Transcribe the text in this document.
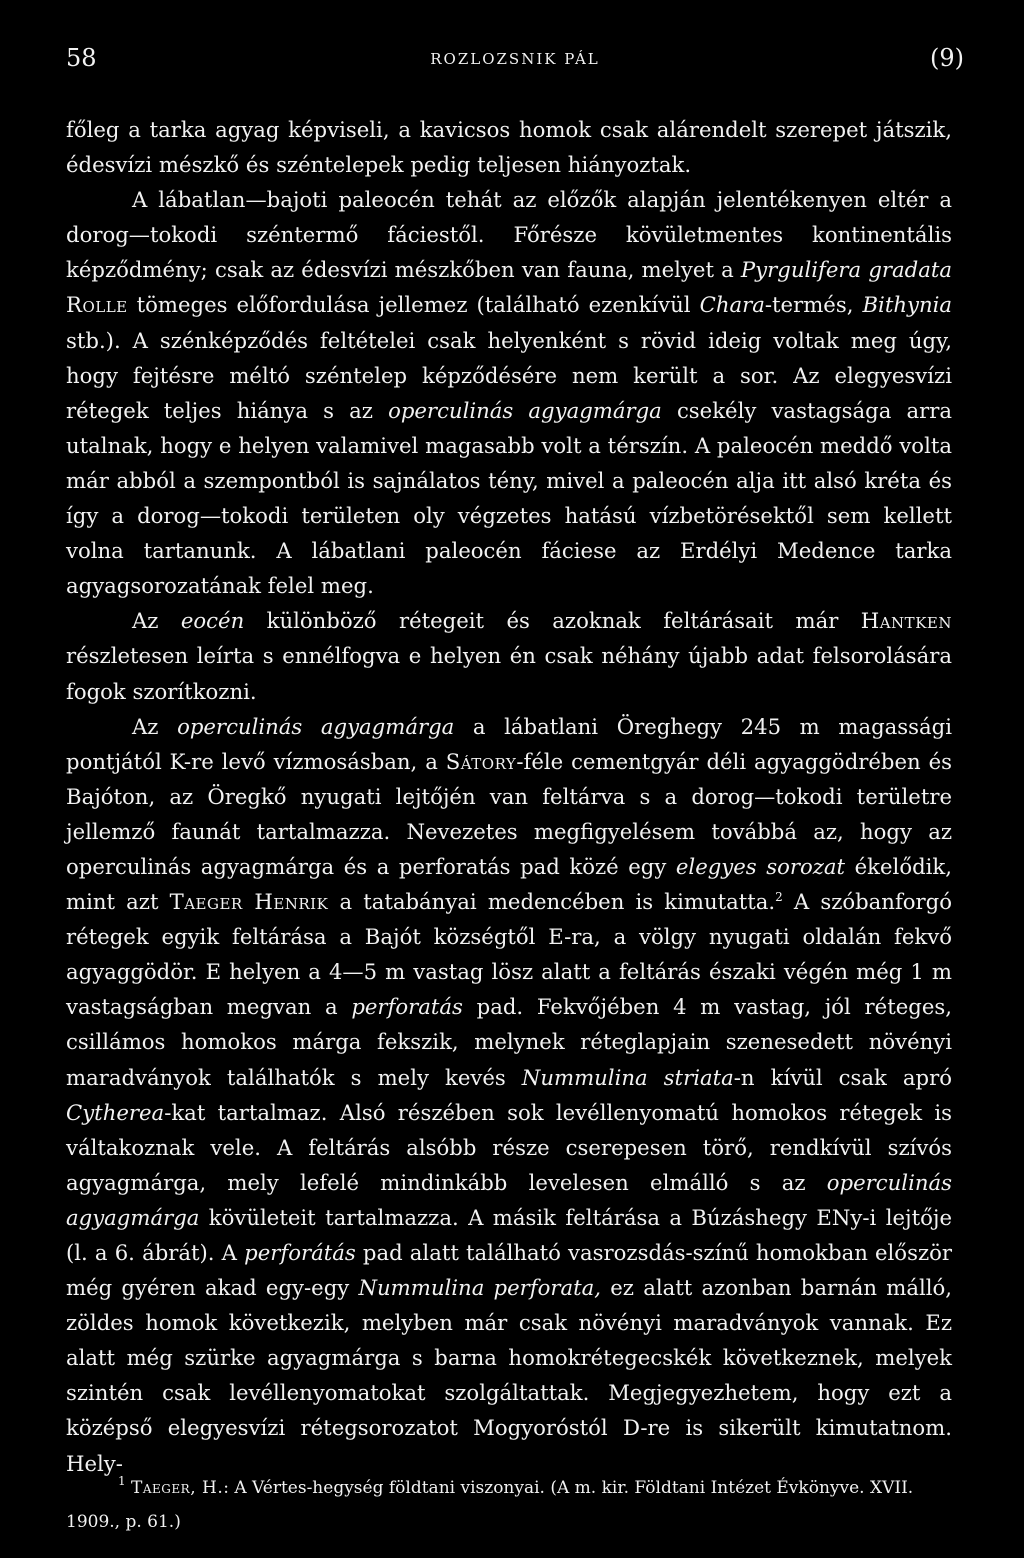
58	ROZLOZSNIK PÁL	(9)

főleg a tarka agyag képviseli, a kavicsos homok csak alárendelt szerepet játszik, édesvízi mészkő és széntelepek pedig teljesen hiányoztak.

A lábatlan—bajoti paleocén tehát az előzők alapján jelentékenyen eltér a dorog—tokodi széntermő fáciestől. Főrésze kövületmentes kontinentális képződmény; csak az édesvízi mészkőben van fauna, melyet a Pyrgulifera gradata Rolle tömeges előfordulása jellemez (található ezenkívül Chara-termés, Bithynia stb.). A szénképződés feltételei csak helyenként s rövid ideig voltak meg úgy, hogy fejtésre méltó széntelep képződésére nem került a sor. Az elegyesvízi rétegek teljes hiánya s az operculinás agyagmárga csekély vastagsága arra utalnak, hogy e helyen valamivel magasabb volt a térszín. A paleocén meddő volta már abból a szempontból is sajnálatos tény, mivel a paleocén alja itt alsó kréta és így a dorog—tokodi területen oly végzetes hatású vízbetörésektől sem kellett volna tartanunk. A lábatlani paleocén fáciese az Erdélyi Medence tarka agyagsorozatának felel meg.

Az eocén különböző rétegeit és azoknak feltárásait már Hantken részletesen leírta s ennélfogva e helyen én csak néhány újabb adat felsorolására fogok szorítkozni.

Az operculinás agyagmárga a lábatlani Öreghegy 245 m magassági pontjától K-re levő vízmosásban, a Sátory-féle cementgyár déli agyaggödrében és Bajóton, az Öregkő nyugati lejtőjén van feltárva s a dorog—tokodi területre jellemző faunát tartalmazza. Nevezetes megfigyelésem továbbá az, hogy az operculinás agyagmárga és a perforatás pad közé egy elegyes sorozat ékelődik, mint azt Taeger Henrik a tatabányai medencében is kimutatta.$^2$ A szóbanforgó rétegek egyik feltárása a Bajót községtől E-ra, a völgy nyugati oldalán fekvő agyaggödör. E helyen a 4—5 m vastag lösz alatt a feltárás északi végén még 1 m vastagságban megvan a perforatás pad. Fekvőjében 4 m vastag, jól réteges, csillámos homokos márga fekszik, melynek réteglapjain szenesedett növényi maradványok találhatók s mely kevés Nummulina striata-n kívül csak apró Cytherea-kat tartalmaz. Alsó részében sok levéllenyomatú homokos rétegek is váltakoznak vele. A feltárás alsóbb része cserepesen törő, rendkívül szívós agyagmárga, mely lefelé mindinkább levelesen elmálló s az operculinás agyagmárga kövületeit tartalmazza. A másik feltárása a Búzáshegy ENy-i lejtője (l. a 6. ábrát). A perforátás pad alatt található vasrozsdás-színű homokban először még gyéren akad egy-egy Nummulina perforata, ez alatt azonban barnán málló, zöldes homok következik, melyben már csak növényi maradványok vannak. Ez alatt még szürke agyagmárga s barna homokrétegecskék következnek, melyek szintén csak levéllenyomatokat szolgáltattak. Megjegyezhetem, hogy ezt a középső elegyesvízi rétegsorozatot Mogyoróstól D-re is sikerült kimutatnom. Hely-

$^1$ Taeger, H.: A Vértes-hegység földtani viszonyai. (A m. kir. Földtani Intézet Évkönyve. XVII. 1909., p. 61.)
